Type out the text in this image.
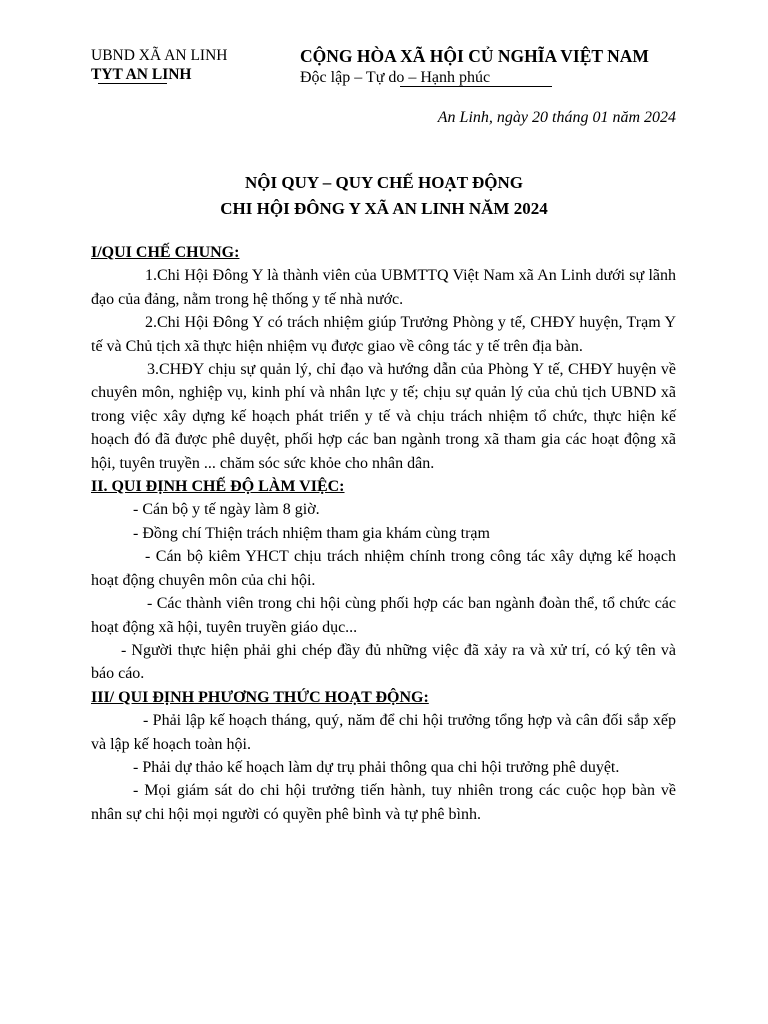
UBND XÃ AN LINH
TYT AN LINH
CỘNG HÒA XÃ HỘI CỦ NGHĨA VIỆT NAM
Độc lập – Tự do – Hạnh phúc
An Linh, ngày 20 tháng 01 năm 2024
NỘI QUY – QUY CHẾ HOẠT ĐỘNG
CHI HỘI ĐÔNG Y XÃ AN LINH NĂM 2024
I/QUI CHẾ CHUNG:
1.Chi Hội Đông Y là thành viên của UBMTTQ Việt Nam xã An Linh dưới sự lãnh đạo của đảng, nằm trong hệ thống y tế nhà nước.
2.Chi Hội Đông Y có trách nhiệm giúp Trưởng Phòng y tế, CHĐY huyện, Trạm Y tế và Chủ tịch xã thực hiện nhiệm vụ được giao về công tác y tế trên địa bàn.
3.CHĐY chịu sự quản lý, chỉ đạo và hướng dẫn của Phòng Y tế, CHĐY huyện về chuyên môn, nghiệp vụ, kinh phí và nhân lực y tế; chịu sự quản lý của chủ tịch UBND xã trong việc xây dựng kế hoạch phát triển y tế và chịu trách nhiệm tổ chức, thực hiện kế hoạch đó đã được phê duyệt, phối hợp các ban ngành trong xã tham gia các hoạt động xã hội, tuyên truyền ... chăm sóc sức khỏe cho nhân dân.
II. QUI ĐỊNH CHẾ ĐỘ LÀM VIỆC:
- Cán bộ y tế ngày làm 8 giờ.
- Đồng chí Thiện trách nhiệm tham gia khám cùng trạm
- Cán bộ kiêm YHCT chịu trách nhiệm chính trong công tác xây dựng kế hoạch hoạt động chuyên môn của chi hội.
- Các thành viên trong chi hội cùng phối hợp các ban ngành đoàn thể, tổ chức các hoạt động xã hội, tuyên truyền giáo dục...
- Người thực hiện phải ghi chép đầy đủ những việc đã xảy ra và xử trí, có ký tên và báo cáo.
III/ QUI ĐỊNH PHƯƠNG THỨC HOẠT ĐỘNG:
- Phải lập kế hoạch tháng, quý, năm để chi hội trưởng tổng hợp và cân đối sắp xếp và lập kế hoạch toàn hội.
- Phải dự thảo kế hoạch làm dự trụ phải thông qua chi hội trưởng phê duyệt.
- Mọi giám sát do chi hội trưởng tiến hành, tuy nhiên trong các cuộc họp bàn về nhân sự chi hội mọi người có quyền phê bình và tự phê bình.
